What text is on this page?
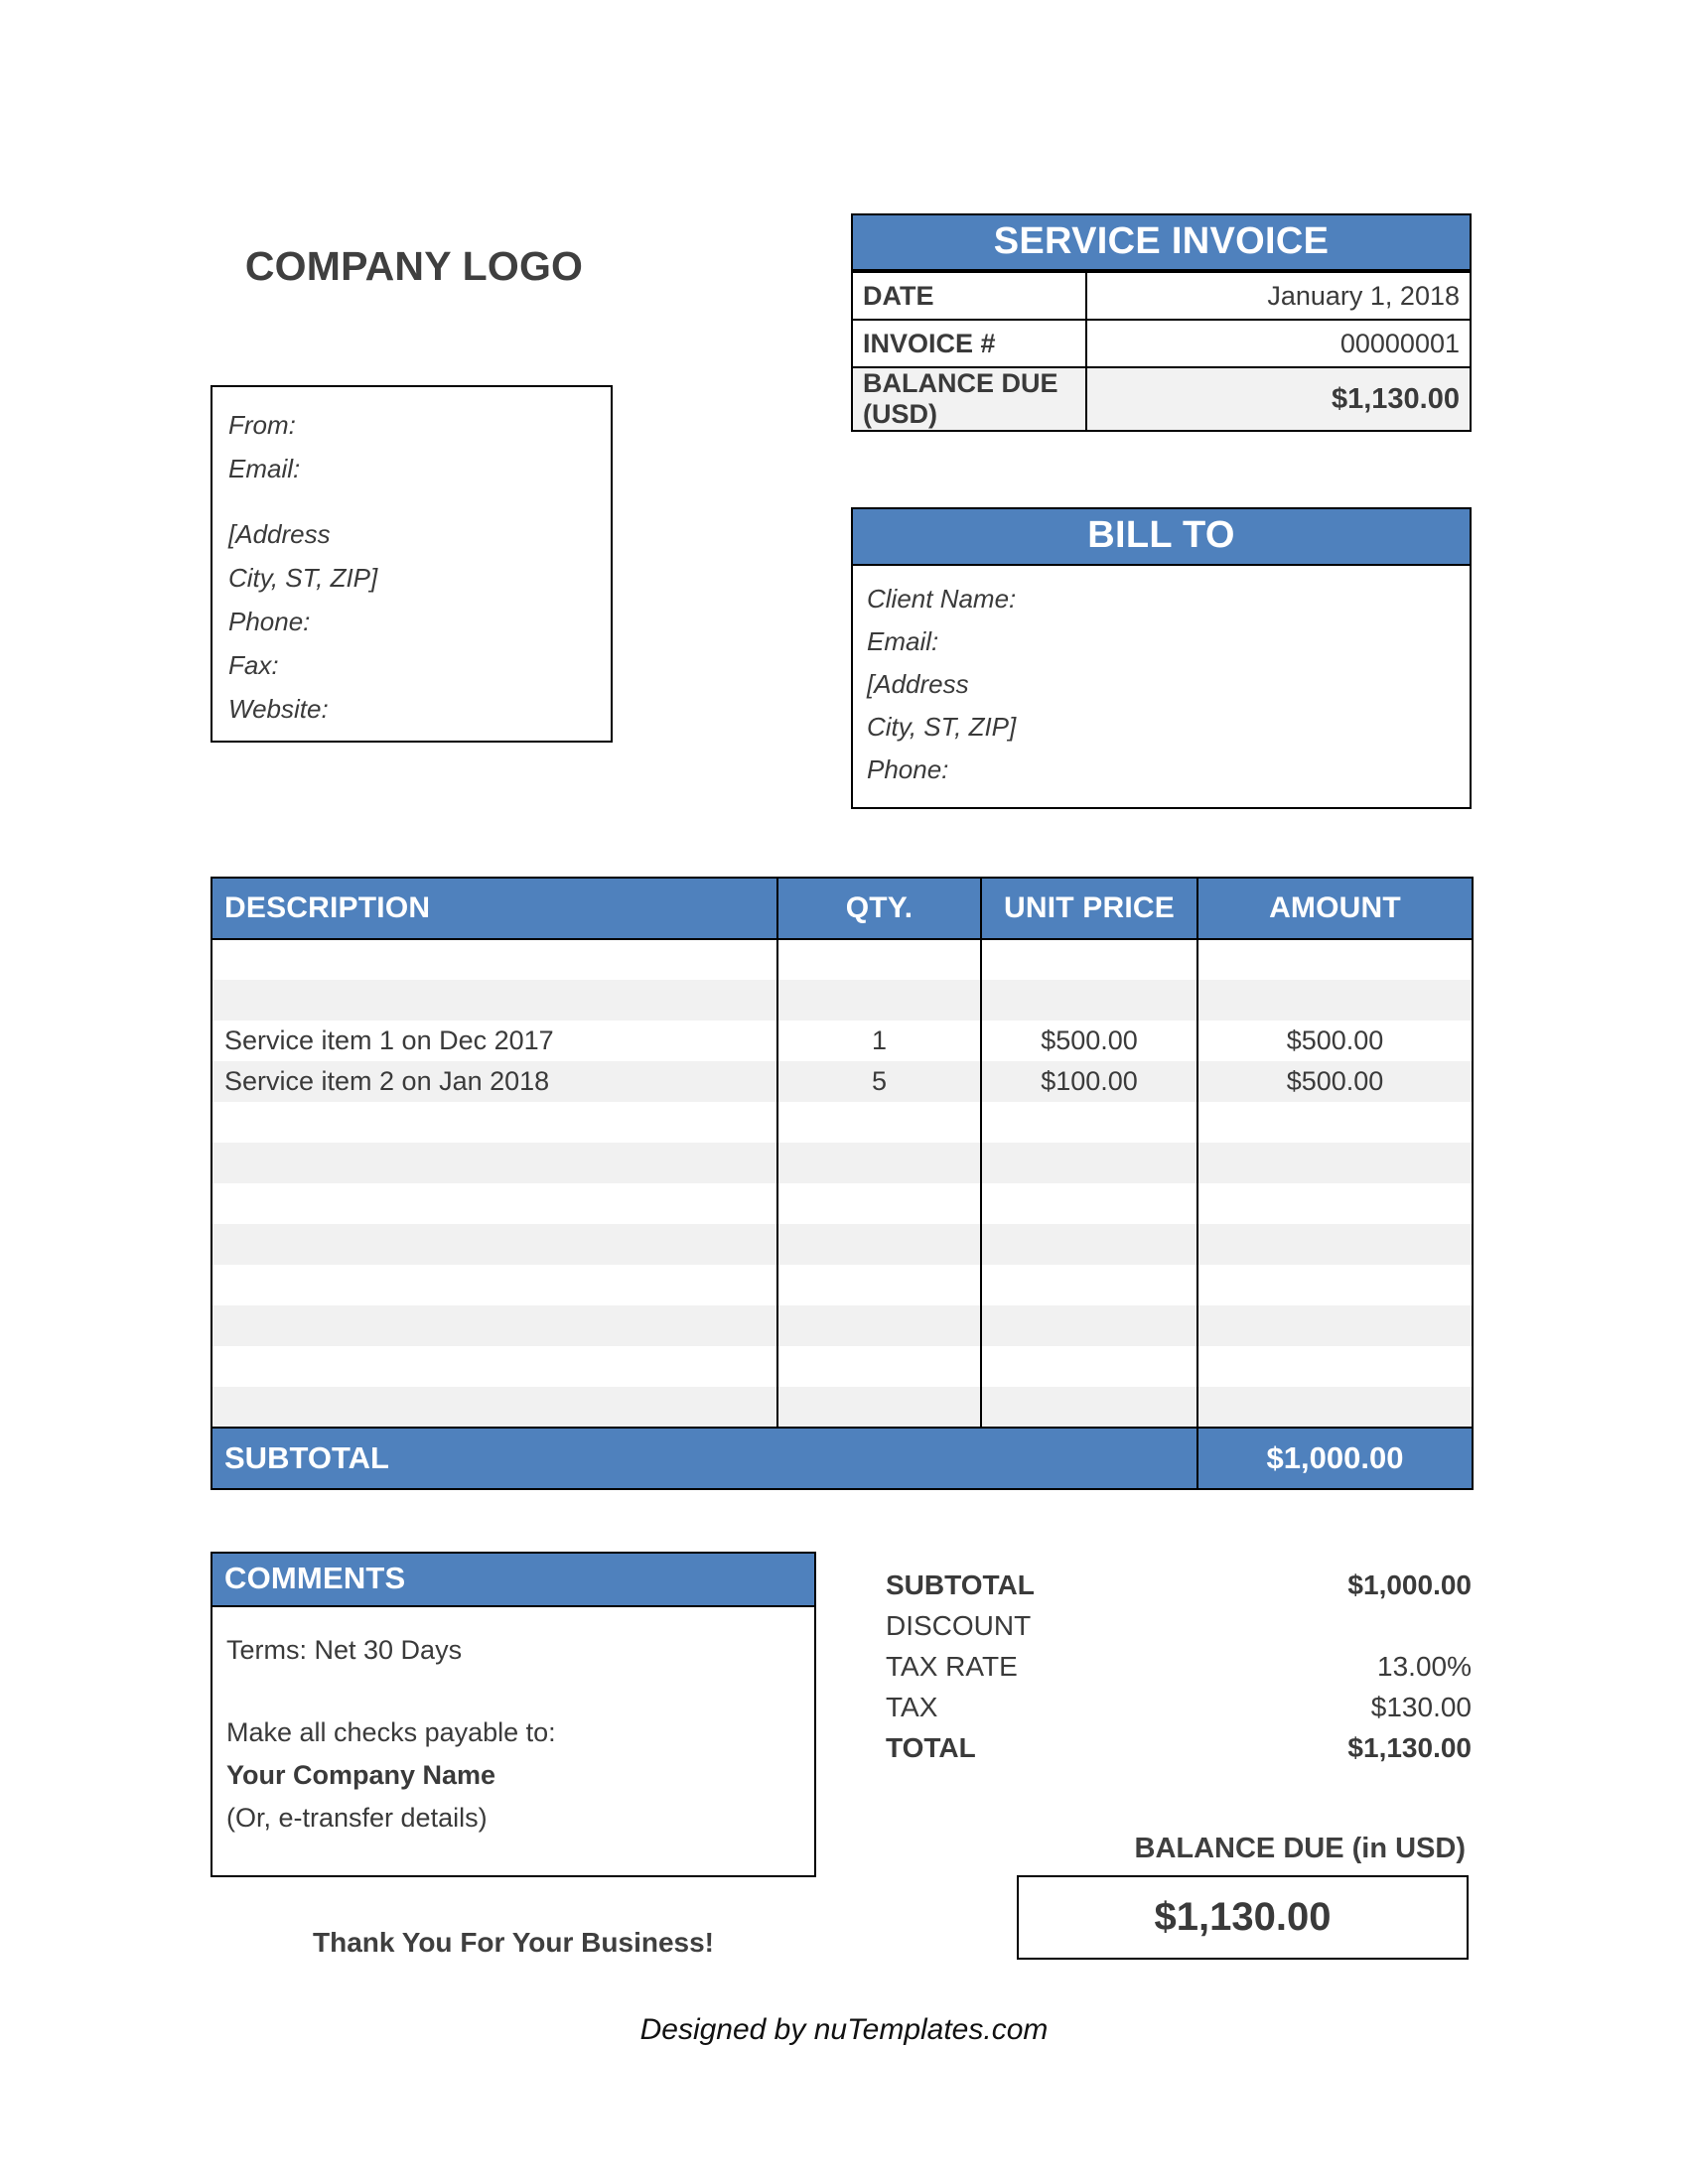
COMPANY LOGO
From:
Email:
[Address
City, ST, ZIP]
Phone:
Fax:
Website:
SERVICE INVOICE
DATE	January 1, 2018
INVOICE #	00000001
BALANCE DUE (USD)	$1,130.00
BILL TO
Client Name:
Email:
[Address
City, ST, ZIP]
Phone:
DESCRIPTION	QTY.	UNIT PRICE	AMOUNT

Service item 1 on Dec 2017	1	$500.00	$500.00
Service item 2 on Jan 2018	5	$100.00	$500.00

SUBTOTAL			$1,000.00
COMMENTS
Terms: Net 30 Days
Make all checks payable to:
Your Company Name
(Or, e-transfer details)
Thank You For Your Business!
SUBTOTAL	$1,000.00
DISCOUNT	
TAX RATE	13.00%
TAX	$130.00
TOTAL	$1,130.00
BALANCE DUE (in USD)
$1,130.00
Designed by nuTemplates.com
